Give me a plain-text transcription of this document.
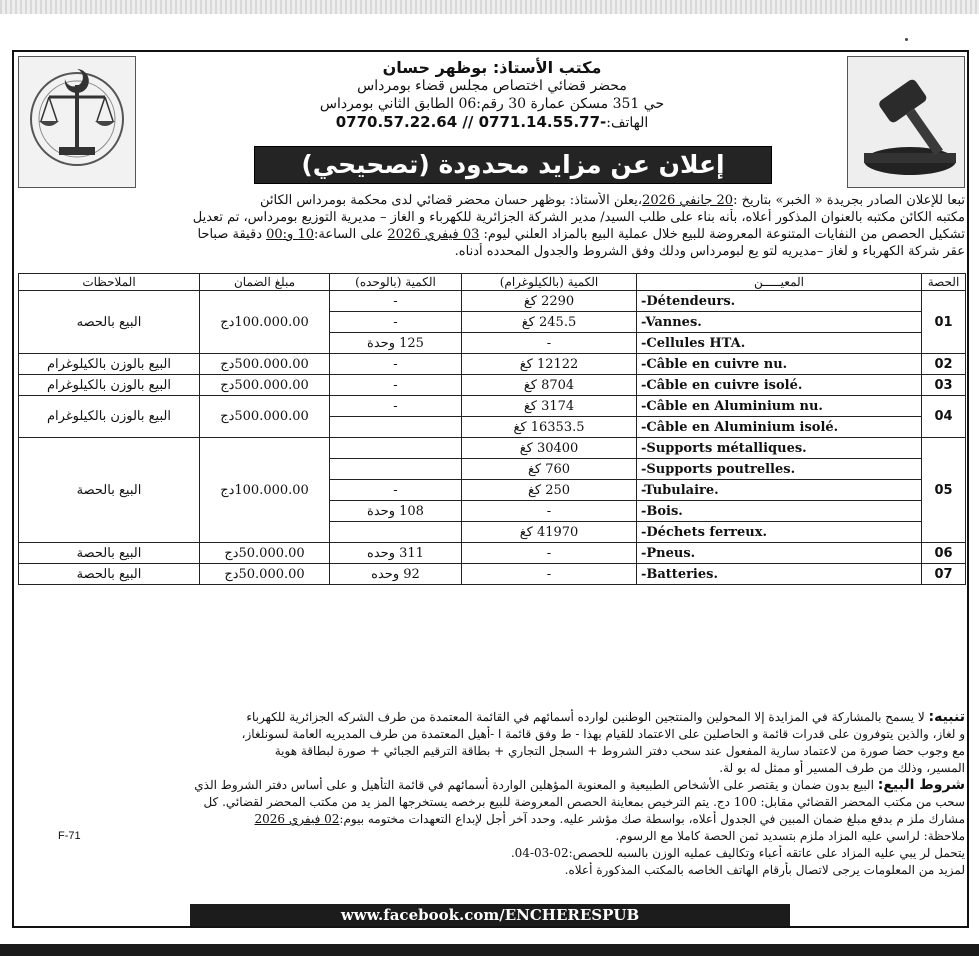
مكتب الأستاذ: بوظهر حسان
محضر قضائي اختصاص مجلس قضاء بومرداس
حي 351 مسكن عمارة 30 رقم:06 الطابق الثاني بومرداس
الهاتف:0770.57.22.64 // 0771.14.55.77-
إعلان عن مزايد محدودة (تصحيحي)

تبعا للإعلان الصادر بجريدة « الخبر» بتاريخ :20 جانفي 2026،يعلن الأستاذ: بوظهر حسان محضر قضائي لدى محكمة بومرداس الكائن

مكتبه الكائن مكتبه بالعنوان المذكور أعلاه، بأنه بناء على طلب السيد/ مدير الشركة الجزائرية للكهرباء و الغاز – مديرية التوزيع بومرداس، تم تعديل

تشكيل الحصص من النفايات المتنوعة المعروضة للبيع خلال عملية البيع بالمزاد العلني ليوم: 03 فيفري 2026 على الساعة:10 و:00 دقيقة صباحا

عقر شركة الكهرباء و لغاز –مديريه لتو يع لبومرداس ودلك وفق الشروط والجدول المحدده أدناه.

الحصة	المعيـــــن	الكمية (بالكيلوغرام)	الكمية (بالوحده)	مبلغ الضمان	الملاحظات
01	-Détendeurs.	2290 كغ	-	100.000.00دج	البيع بالحصه
	-Vannes.	245.5 كغ	-		
	-Cellules HTA.	-	125 وحدة		
02	-Câble en cuivre nu.	12122 كغ	-	500.000.00دج	البيع بالوزن بالكيلوغرام
03	-Câble en cuivre isolé.	8704 كغ	-	500.000.00دج	البيع بالوزن بالكيلوغرام
04	-Câble en Aluminium nu.	3174 كغ	-	500.000.00دج	البيع بالوزن بالكيلوغرام
	-Câble en Aluminium isolé.	16353.5 كغ			
05	-Supports métalliques.	30400 كغ		100.000.00دج	البيع بالحصة
	-Supports poutrelles.	760 كغ			
	-Tubulaire.	250 كغ	-		
	-Bois.	-	108 وحدة		
	-Déchets ferreux.	41970 كغ			
06	-Pneus.	-	311 وحده	50.000.00دج	البيع بالحصة
07	-Batteries.	-	92 وحده	50.000.00دج	البيع بالحصة

تنبيه: لا يسمح بالمشاركة في المزايدة إلا المحولين والمنتجين الوطنين لوارده أسمائهم في القائمة المعتمدة من طرف الشركه الجزائرية للكهرباء

و لغاز، والذين يتوفرون على قدرات قائمة و الحاصلين على الاعتماد للقيام بهذا - ط وفق قائمة ا -أهيل المعتمدة من طرف المديريه العامة لسونلغاز،

مع وجوب حضا صورة من لاعتماد سارية المفعول عند سحب دفتر الشروط + السجل التجاري + بطاقة الترقيم الجبائي + صورة لبطاقة هوية

المسير، وذلك من طرف المسير أو ممثل له بو لة.

شروط البيع: البيع بدون ضمان و يقتصر على الأشخاص الطبيعية و المعنوية المؤهلين الواردة أسمائهم في قائمة التأهيل و على أساس دفتر الشروط الذي

سحب من مكتب المحضر القضائي مقابل: 100 دج. يتم الترخيص بمعاينة الحصص المعروضة للبيع برخصه يستخرجها المز يد من مكتب المحضر لقضائي. كل

مشارك ملز م بدفع مبلغ ضمان المبين في الجدول أعلاه، بواسطة صك مؤشر عليه. وحدد آخر أجل لإبداع التعهدات مختومه بيوم:02 فيفري 2026

ملاحظة: لراسي عليه المزاد ملزم بتسديد ثمن الحصة كاملا مع الرسوم.

يتحمل لر يبي عليه المزاد على عاتقه أعباء وتكاليف عمليه الوزن بالسبه للحصص:02-03-04.

لمزيد من المعلومات يرجى لاتصال بأرقام الهاتف الخاصه بالمكتب المذكورة أعلاه.

F-71
www.facebook.com/ENCHERESPUB
